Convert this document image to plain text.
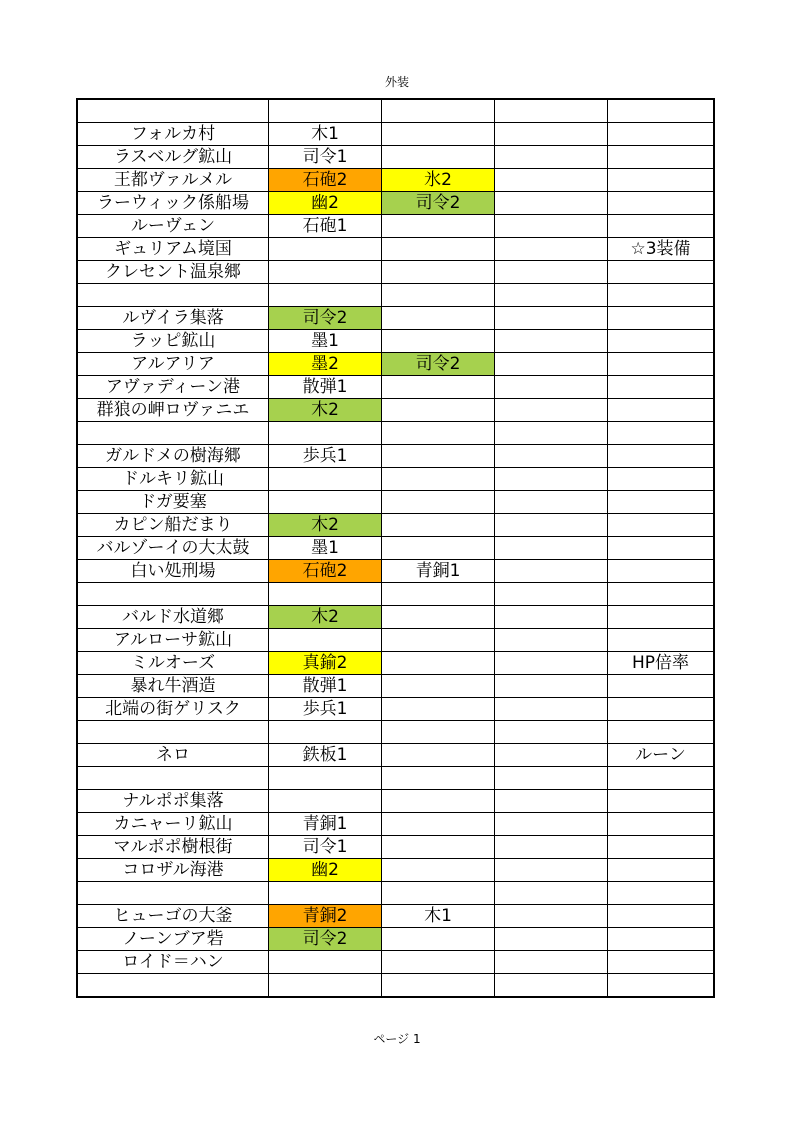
外装

フォルカ村	木1			
ラスベルグ鉱山	司令1			
王都ヴァルメル	石砲2	氷2		
ラーウィック係船場	幽2	司令2		
ルーヴェン	石砲1			
ギュリアム境国				☆3装備
クレセント温泉郷				

ルヴイラ集落	司令2			
ラッピ鉱山	墨1			
アルアリア	墨2	司令2		
アヴァディーン港	散弾1			
群狼の岬ロヴァニエ	木2			

ガルドメの樹海郷	歩兵1			
ドルキリ鉱山				
ドガ要塞				
カピン船だまり	木2			
バルゾーイの大太鼓	墨1			
白い処刑場	石砲2	青銅1		

バルド水道郷	木2			
アルローサ鉱山				
ミルオーズ	真鍮2			HP倍率
暴れ牛酒造	散弾1			
北端の街ゲリスク	歩兵1			

ネロ	鉄板1			ルーン

ナルポポ集落				
カニャーリ鉱山	青銅1			
マルポポ樹根街	司令1			
コロザル海港	幽2			

ヒューゴの大釜	青銅2	木1		
ノーンブア砦	司令2			
ロイド＝ハン				

ページ 1
